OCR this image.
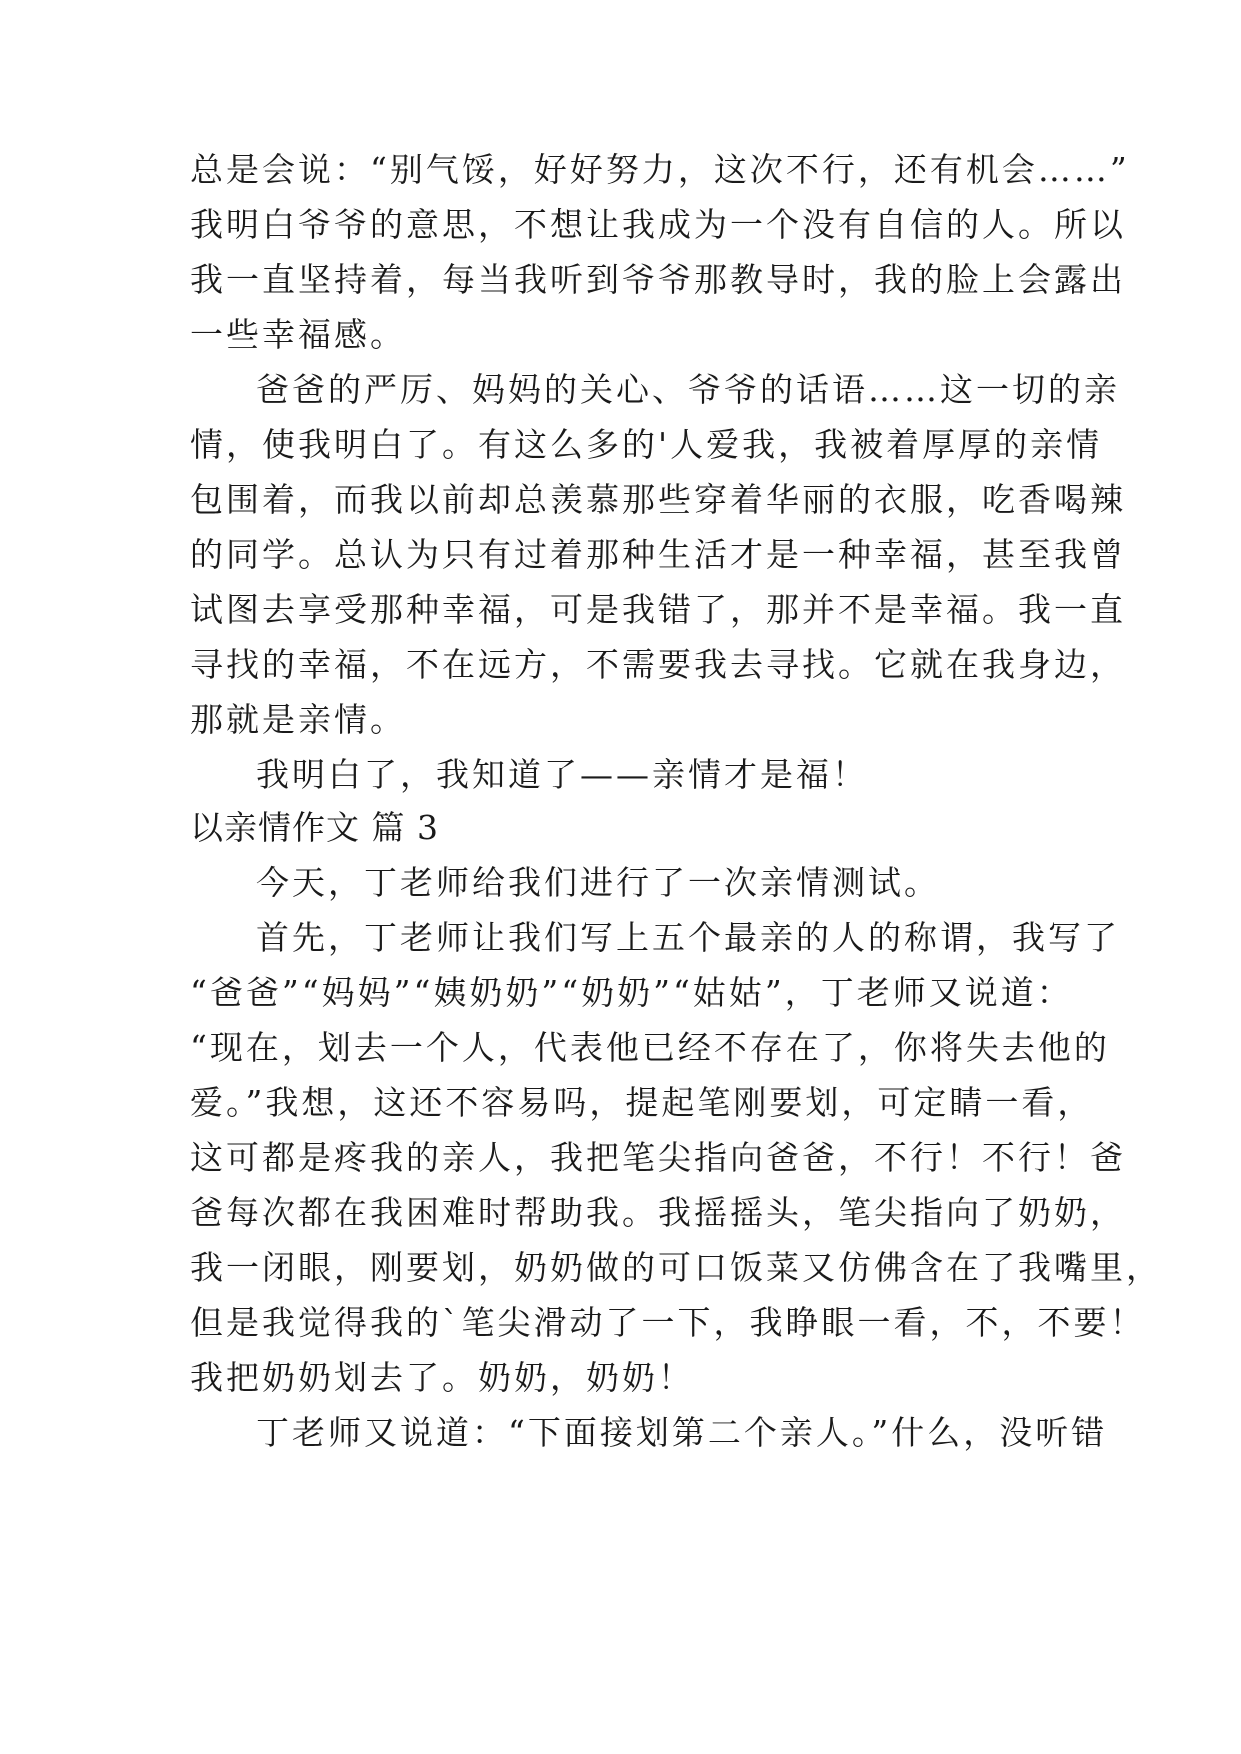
总是会说：“别气馁，好好努力，这次不行，还有机会……”
我明白爷爷的意思，不想让我成为一个没有自信的人。所以
我一直坚持着，每当我听到爷爷那教导时，我的脸上会露出
一些幸福感。
爸爸的严厉、妈妈的关心、爷爷的话语……这一切的亲
情，使我明白了。有这么多的'人爱我，我被着厚厚的亲情
包围着，而我以前却总羡慕那些穿着华丽的衣服，吃香喝辣
的同学。总认为只有过着那种生活才是一种幸福，甚至我曾
试图去享受那种幸福，可是我错了，那并不是幸福。我一直
寻找的幸福，不在远方，不需要我去寻找。它就在我身边，
那就是亲情。
我明白了，我知道了——亲情才是福！
以亲情作文 篇 3
今天，丁老师给我们进行了一次亲情测试。
首先，丁老师让我们写上五个最亲的人的称谓，我写了
“爸爸”“妈妈”“姨奶奶”“奶奶”“姑姑”，丁老师又说道：
“现在，划去一个人，代表他已经不存在了，你将失去他的
爱。”我想，这还不容易吗，提起笔刚要划，可定睛一看，
这可都是疼我的亲人，我把笔尖指向爸爸，不行！不行！爸
爸每次都在我困难时帮助我。我摇摇头，笔尖指向了奶奶，
我一闭眼，刚要划，奶奶做的可口饭菜又仿佛含在了我嘴里，
但是我觉得我的`笔尖滑动了一下，我睁眼一看，不，不要！
我把奶奶划去了。奶奶，奶奶！
丁老师又说道：“下面接划第二个亲人。”什么，没听错
